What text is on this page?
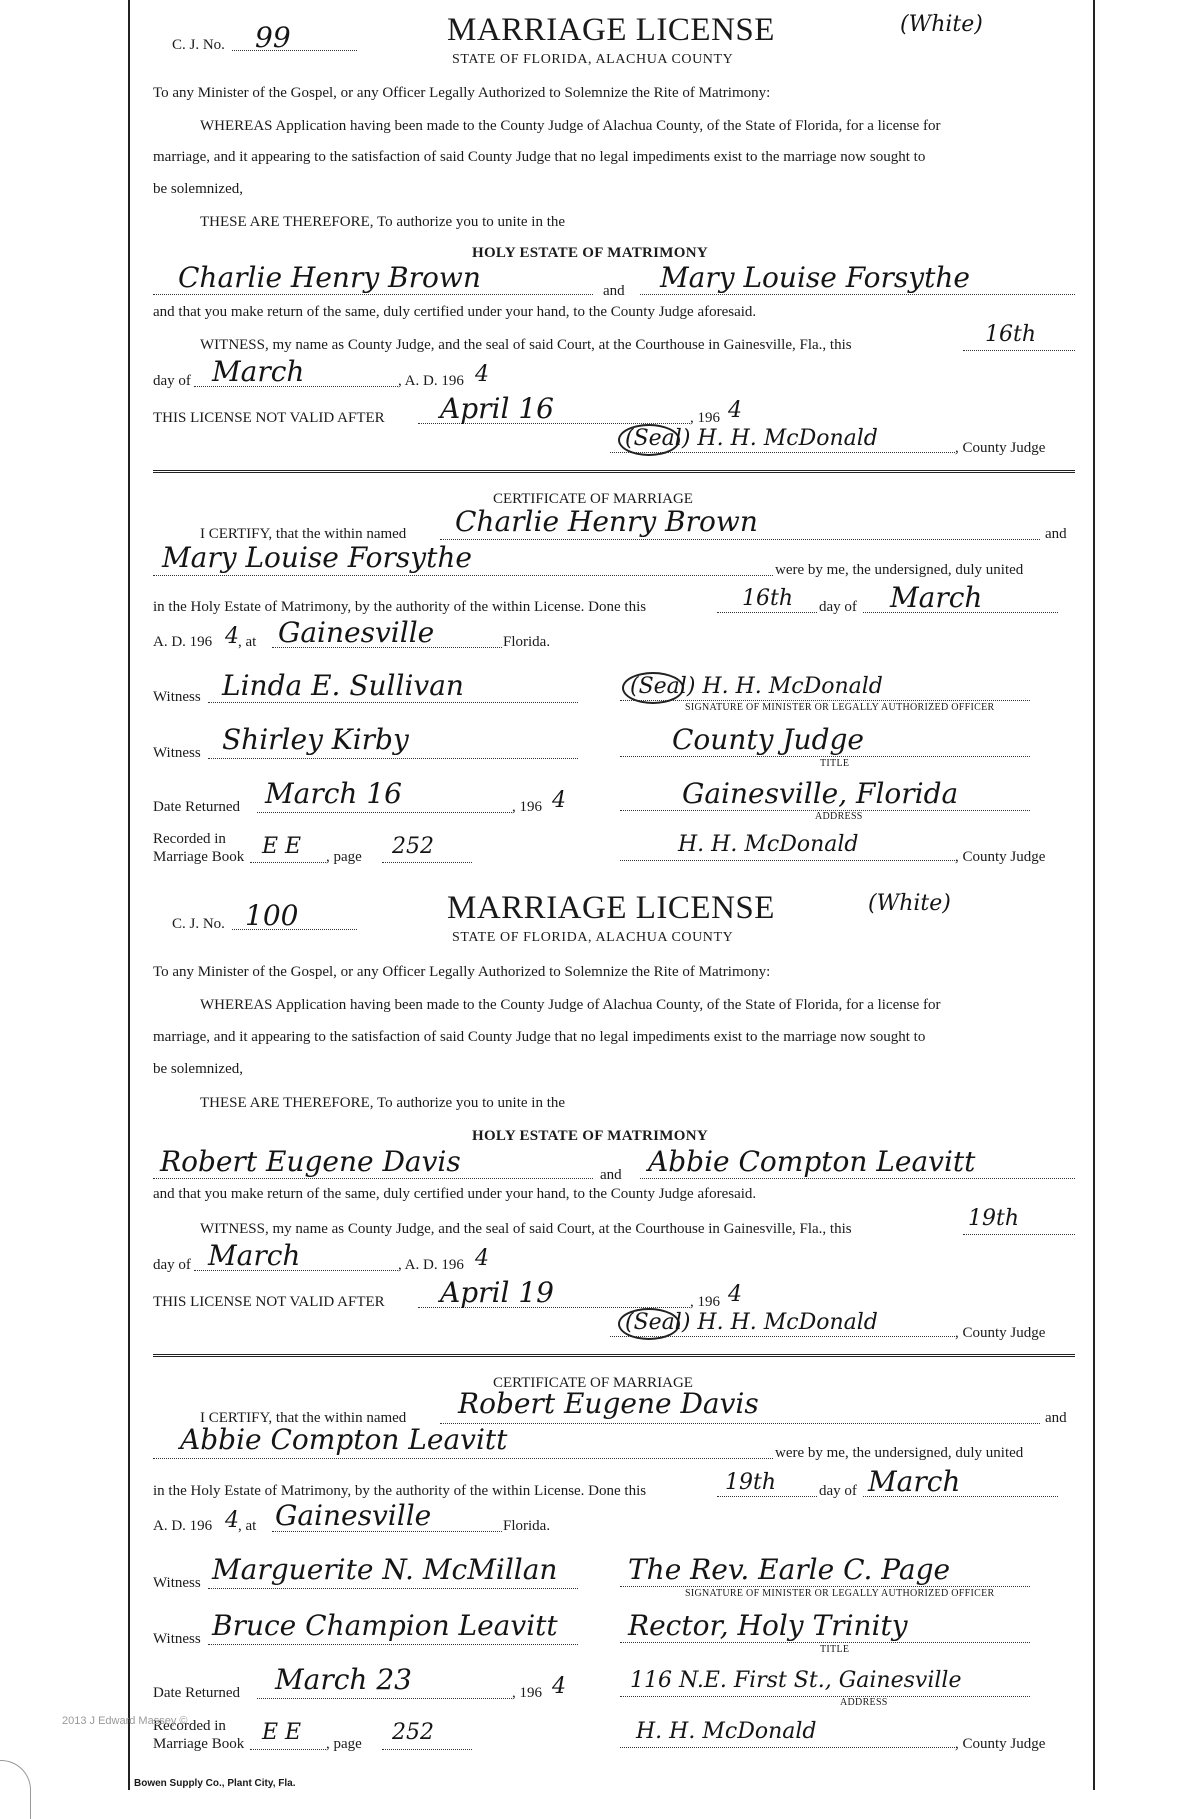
C. J. No. 99	MARRIAGE LICENSE	(White)
STATE OF FLORIDA, ALACHUA COUNTY
To any Minister of the Gospel, or any Officer Legally Authorized to Solemnize the Rite of Matrimony:
WHEREAS Application having been made to the County Judge of Alachua County, of the State of Florida, for a license for
marriage, and it appearing to the satisfaction of said County Judge that no legal impediments exist to the marriage now sought to
be solemnized,
THESE ARE THEREFORE, To authorize you to unite in the
HOLY ESTATE OF MATRIMONY
Charlie Henry Brown	and Mary Louise Forsythe
and that you make return of the same, duly certified under your hand, to the County Judge aforesaid.
WITNESS, my name as County Judge, and the seal of said Court, at the Courthouse in Gainesville, Fla., this	16th
day of March	, A. D. 196 4
THIS LICENSE NOT VALID AFTER April 16	, 196 4
(Seal) H. H. McDonald	, County Judge
CERTIFICATE OF MARRIAGE
I CERTIFY, that the within named Charlie Henry Brown	and
Mary Louise Forsythe	were by me, the undersigned, duly united
in the Holy Estate of Matrimony, by the authority of the within License. Done this	16th day of March
A. D. 196 4 , at Gainesville	Florida.
Witness Linda E. Sullivan	(Seal) H. H. McDonald
SIGNATURE OF MINISTER OR LEGALLY AUTHORIZED OFFICER
Witness Shirley Kirby	County Judge
TITLE
Date Returned March 16	, 196 4	Gainesville, Florida
ADDRESS
Recorded in
Marriage Book E E , page 252	H. H. McDonald	, County Judge
C. J. No. 100	MARRIAGE LICENSE	(White)
STATE OF FLORIDA, ALACHUA COUNTY
To any Minister of the Gospel, or any Officer Legally Authorized to Solemnize the Rite of Matrimony:
WHEREAS Application having been made to the County Judge of Alachua County, of the State of Florida, for a license for
marriage, and it appearing to the satisfaction of said County Judge that no legal impediments exist to the marriage now sought to
be solemnized,
THESE ARE THEREFORE, To authorize you to unite in the
HOLY ESTATE OF MATRIMONY
Robert Eugene Davis	and Abbie Compton Leavitt
and that you make return of the same, duly certified under your hand, to the County Judge aforesaid.
WITNESS, my name as County Judge, and the seal of said Court, at the Courthouse in Gainesville, Fla., this	19th
day of March	, A. D. 196 4
THIS LICENSE NOT VALID AFTER April 19	, 196 4
(Seal) H. H. McDonald	, County Judge
CERTIFICATE OF MARRIAGE
I CERTIFY, that the within named Robert Eugene Davis	and
Abbie Compton Leavitt	were by me, the undersigned, duly united
in the Holy Estate of Matrimony, by the authority of the within License. Done this	19th	day of March
A. D. 196 4 , at Gainesville	Florida.
Witness Marguerite N. McMillan	The Rev. Earle C. Page
SIGNATURE OF MINISTER OR LEGALLY AUTHORIZED OFFICER
Witness Bruce Champion Leavitt	Rector, Holy Trinity
TITLE
Date Returned March 23	, 196 4	116 N.E. First St., Gainesville
ADDRESS
Recorded in
Marriage Book E E , page 252	H. H. McDonald	, County Judge
2013 J Edward Massey ©
Bowen Supply Co., Plant City, Fla.
